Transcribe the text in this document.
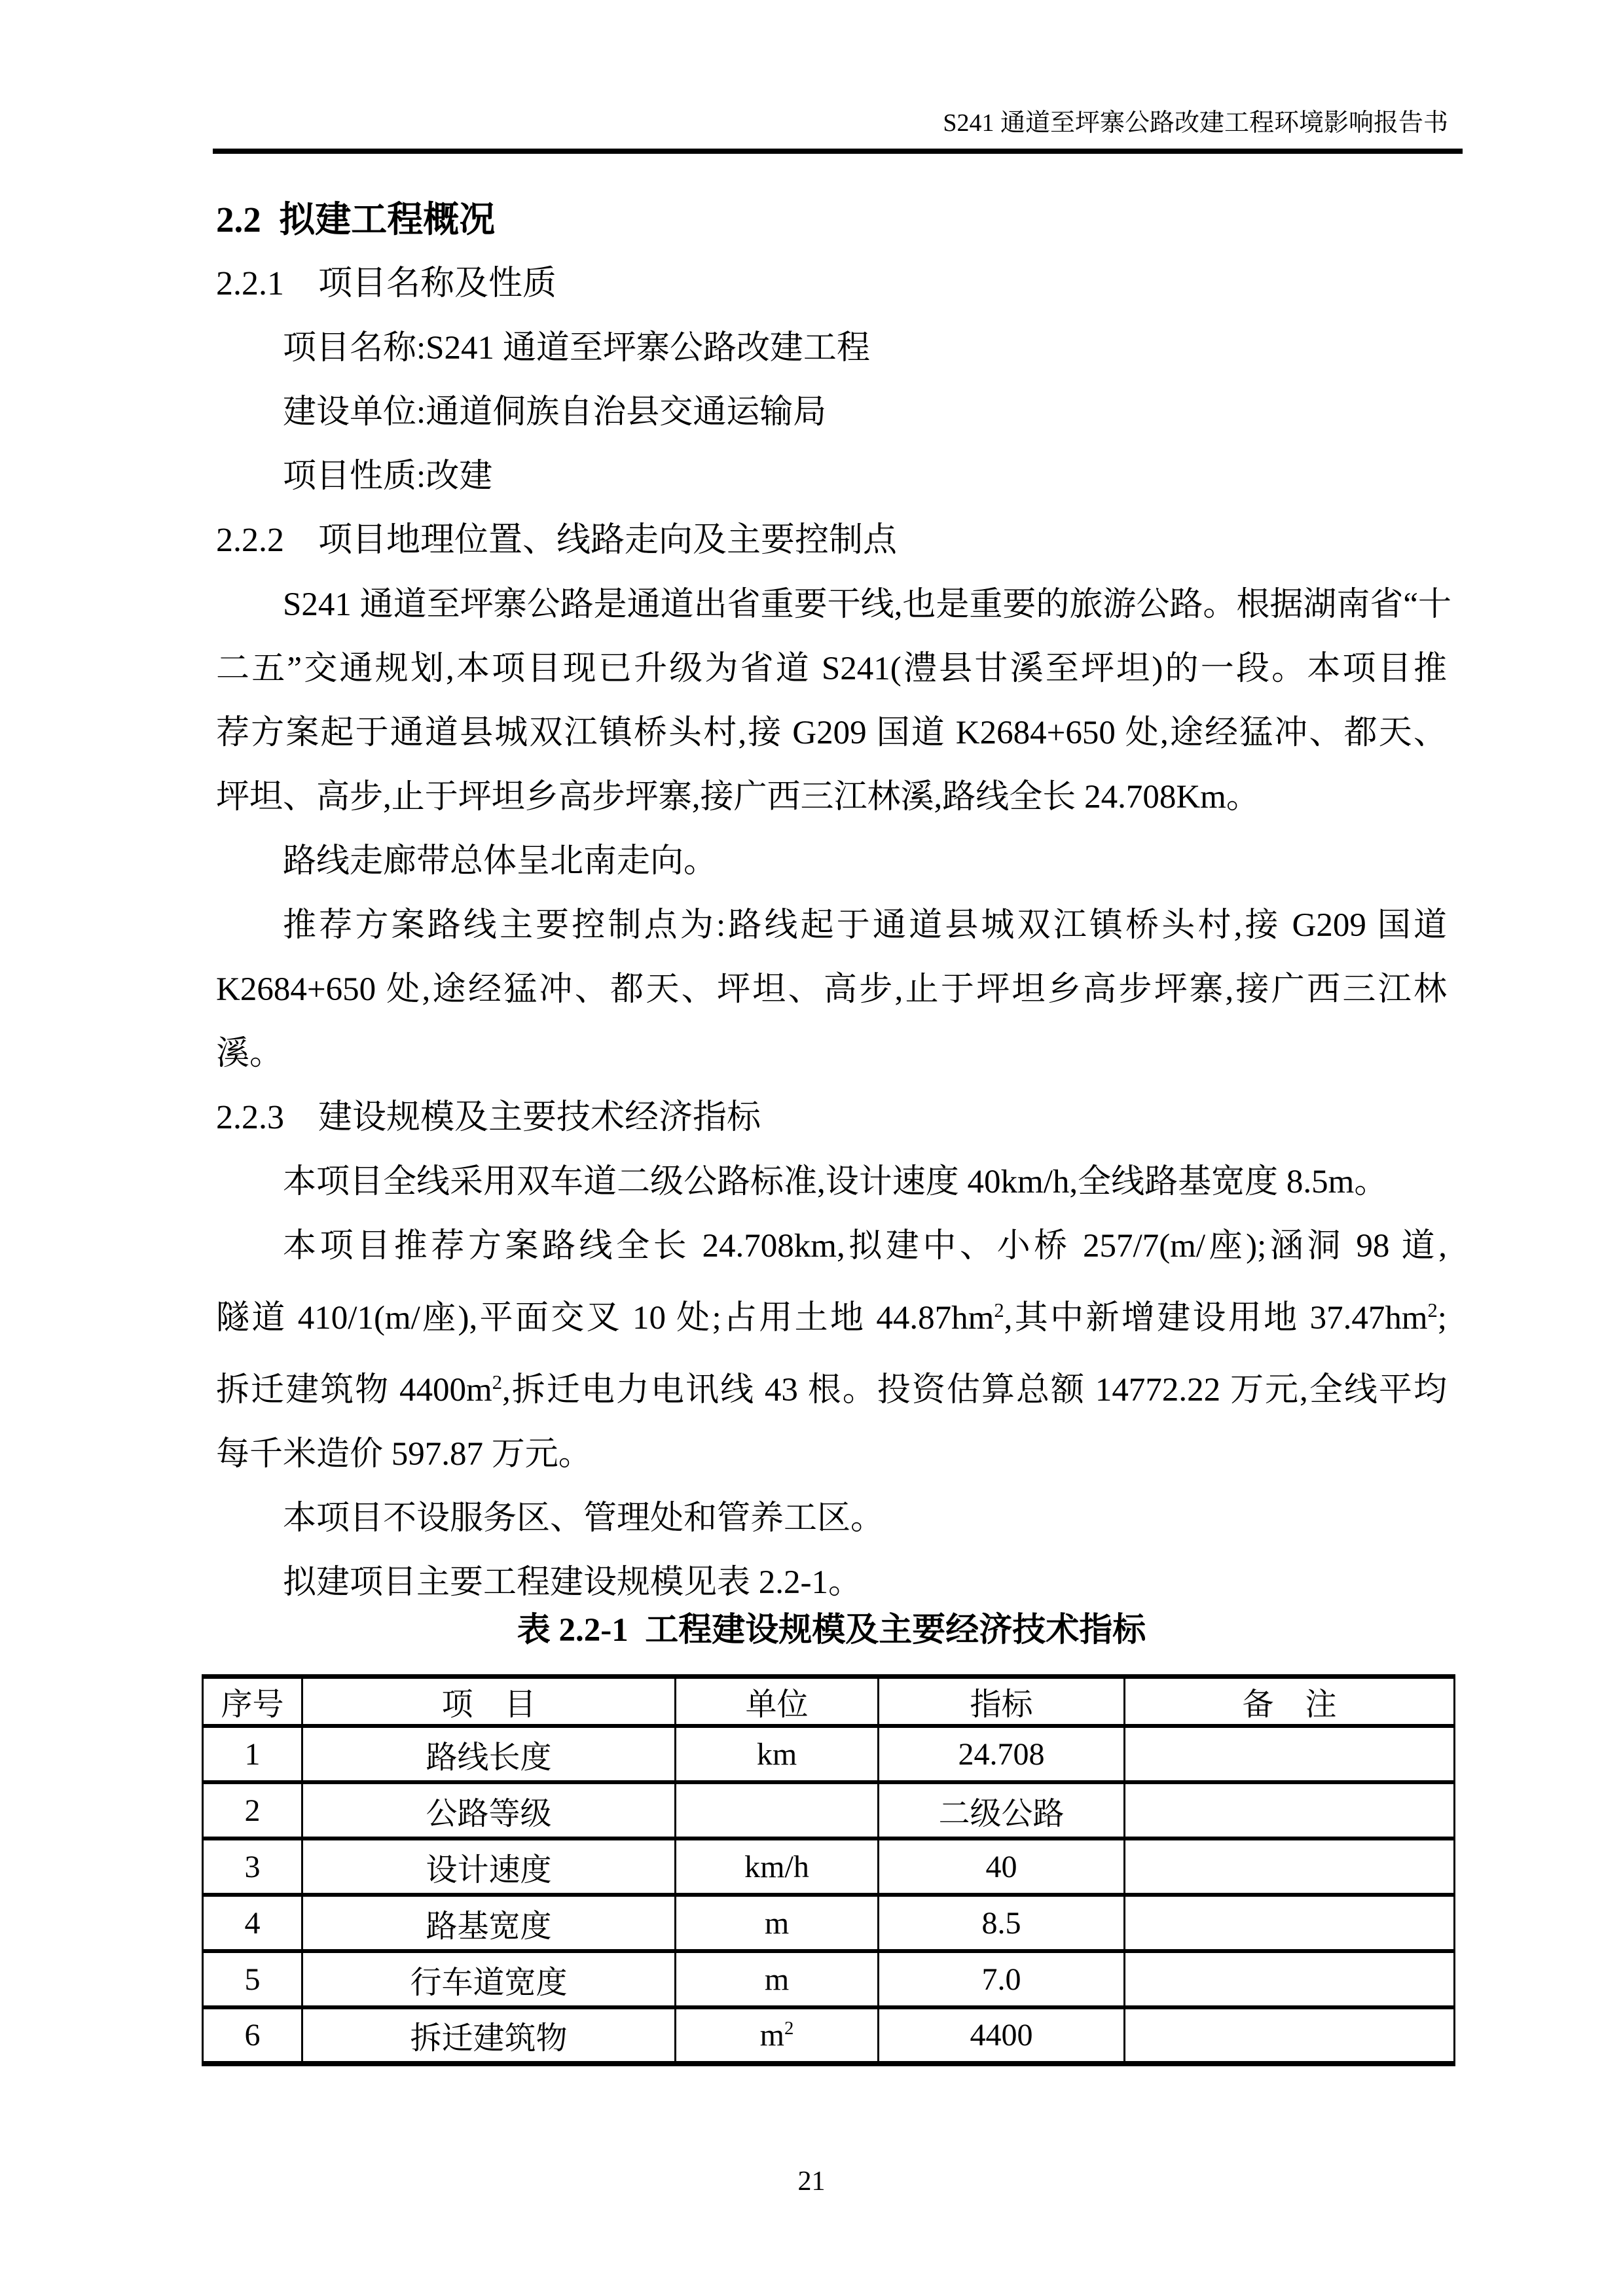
S241 通道至坪寨公路改建工程环境影响报告书
2.2 拟建工程概况
2.2.1　项目名称及性质
项目名称:S241 通道至坪寨公路改建工程
建设单位:通道侗族自治县交通运输局
项目性质:改建
2.2.2　项目地理位置、线路走向及主要控制点
S241 通道至坪寨公路是通道出省重要干线,也是重要的旅游公路。根据湖南省“十
二五”交通规划,本项目现已升级为省道 S241(澧县甘溪至坪坦)的一段。本项目推
荐方案起于通道县城双江镇桥头村,接 G209 国道 K2684+650 处,途经猛冲、都天、
坪坦、高步,止于坪坦乡高步坪寨,接广西三江林溪,路线全长 24.708Km。
路线走廊带总体呈北南走向。
推荐方案路线主要控制点为:路线起于通道县城双江镇桥头村,接 G209 国道
K2684+650 处,途经猛冲、都天、坪坦、高步,止于坪坦乡高步坪寨,接广西三江林
溪。
2.2.3　建设规模及主要技术经济指标
本项目全线采用双车道二级公路标准,设计速度 40km/h,全线路基宽度 8.5m。
本项目推荐方案路线全长 24.708km,拟建中、小桥 257/7(m/座);涵洞 98 道,
隧道 410/1(m/座),平面交叉 10 处;占用土地 $44.87hm^2$,其中新增建设用地 $37.47hm^2$;
拆迁建筑物 $4400m^2$,拆迁电力电讯线 43 根。投资估算总额 14772.22 万元,全线平均
每千米造价 597.87 万元。
本项目不设服务区、管理处和管养工区。
拟建项目主要工程建设规模见表 2.2-1。
表 2.2-1 工程建设规模及主要经济技术指标
序号	项　目	单位	指标	备　注
1	路线长度	km	24.708	
2	公路等级		二级公路	
3	设计速度	km/h	40	
4	路基宽度	m	8.5	
5	行车道宽度	m	7.0	
6	拆迁建筑物	$m^2$	4400	
21
